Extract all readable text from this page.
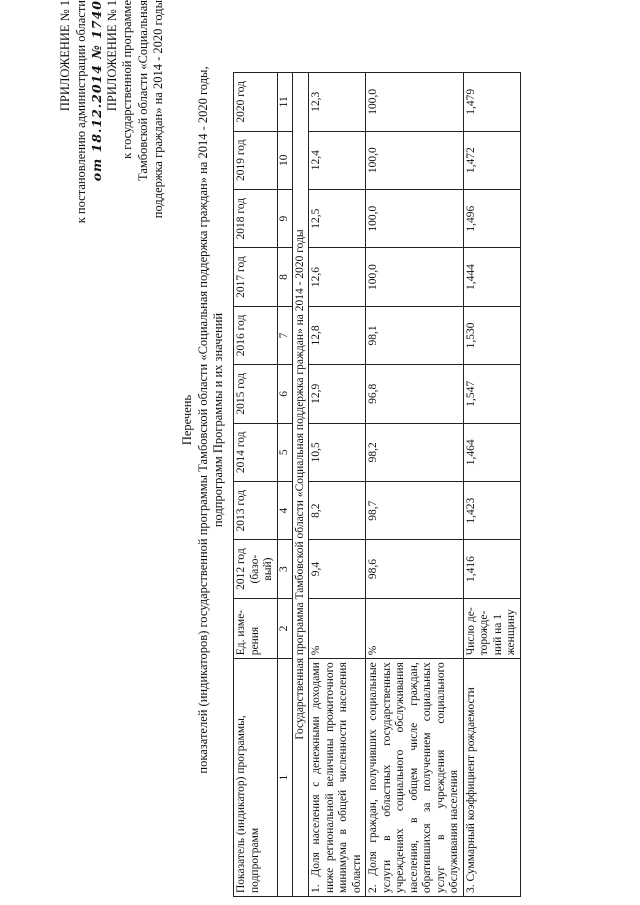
ПРИЛОЖЕНИЕ № 1 к постановлению администрации области от 18.12.2014 № 1740 ПРИЛОЖЕНИЕ № 1 к государственной программе Тамбовской области «Социальная поддержка граждан» на 2014 - 2020 годы
Перечень показателей (индикаторов) государственной программы Тамбовской области «Социальная поддержка граждан» на 2014 - 2020 годы, подпрограмм Программы и их значений
Показатель (индикатор) программы, подпрограмм	Ед. изме-рения	2012 год (базо-вый)	2013 год	2014 год	2015 год	2016 год	2017 год	2018 год	2019 год	2020 год
1	2	3	4	5	6	7	8	9	10	11
Государственная программа Тамбовской области «Социальная поддержка граждан» на 2014 - 2020 годы										
1. Доля населения с денежными доходами ниже региональной величины прожиточного минимума в общей численности населения области	%	9,4	8,2	10,5	12,9	12,8	12,6	12,5	12,4	12,3
2. Доля граждан, получивших социальные услуги в областных государственных учреждениях социального обслуживания населения, в общем числе граждан, обратившихся за получением социальных услуг в учреждения социального обслуживания населения	%	98,6	98,7	98,2	96,8	98,1	100,0	100,0	100,0	100,0
3. Суммарный коэффициент рождаемости	Число де-торожде-ний на 1 женщину	1,416	1,423	1,464	1,547	1,530	1,444	1,496	1,472	1,479
